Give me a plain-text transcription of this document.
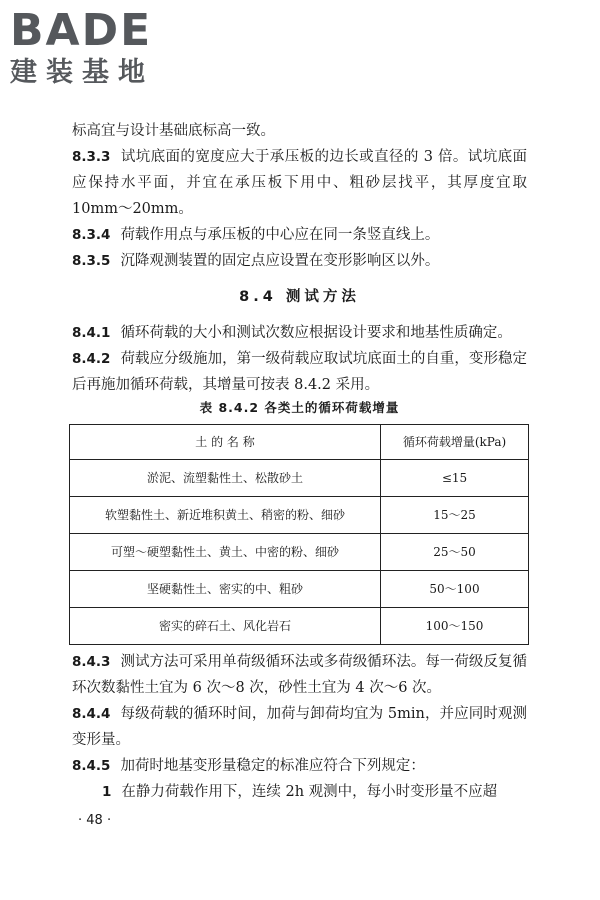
BADE
建装基地

标高宜与设计基础底标高一致。

8.3.3 试坑底面的宽度应大于承压板的边长或直径的 3 倍。试坑底面应保持水平面，并宜在承压板下用中、粗砂层找平，其厚度宜取 10mm～20mm。

8.3.4 荷载作用点与承压板的中心应在同一条竖直线上。

8.3.5 沉降观测装置的固定点应设置在变形影响区以外。

8.4 测试方法

8.4.1 循环荷载的大小和测试次数应根据设计要求和地基性质确定。

8.4.2 荷载应分级施加，第一级荷载应取试坑底面土的自重，变形稳定后再施加循环荷载，其增量可按表 8.4.2 采用。

表 8.4.2 各类土的循环荷载增量
土 的 名 称	循环荷载增量(kPa)
淤泥、流塑黏性土、松散砂土	≤15
软塑黏性土、新近堆积黄土、稍密的粉、细砂	15～25
可塑～硬塑黏性土、黄土、中密的粉、细砂	25～50
坚硬黏性土、密实的中、粗砂	50～100
密实的碎石土、风化岩石	100～150

8.4.3 测试方法可采用单荷级循环法或多荷级循环法。每一荷级反复循环次数黏性土宜为 6 次～8 次，砂性土宜为 4 次～6 次。

8.4.4 每级荷载的循环时间，加荷与卸荷均宜为 5min，并应同时观测变形量。

8.4.5 加荷时地基变形量稳定的标准应符合下列规定：

1 在静力荷载作用下，连续 2h 观测中，每小时变形量不应超

· 48 ·
